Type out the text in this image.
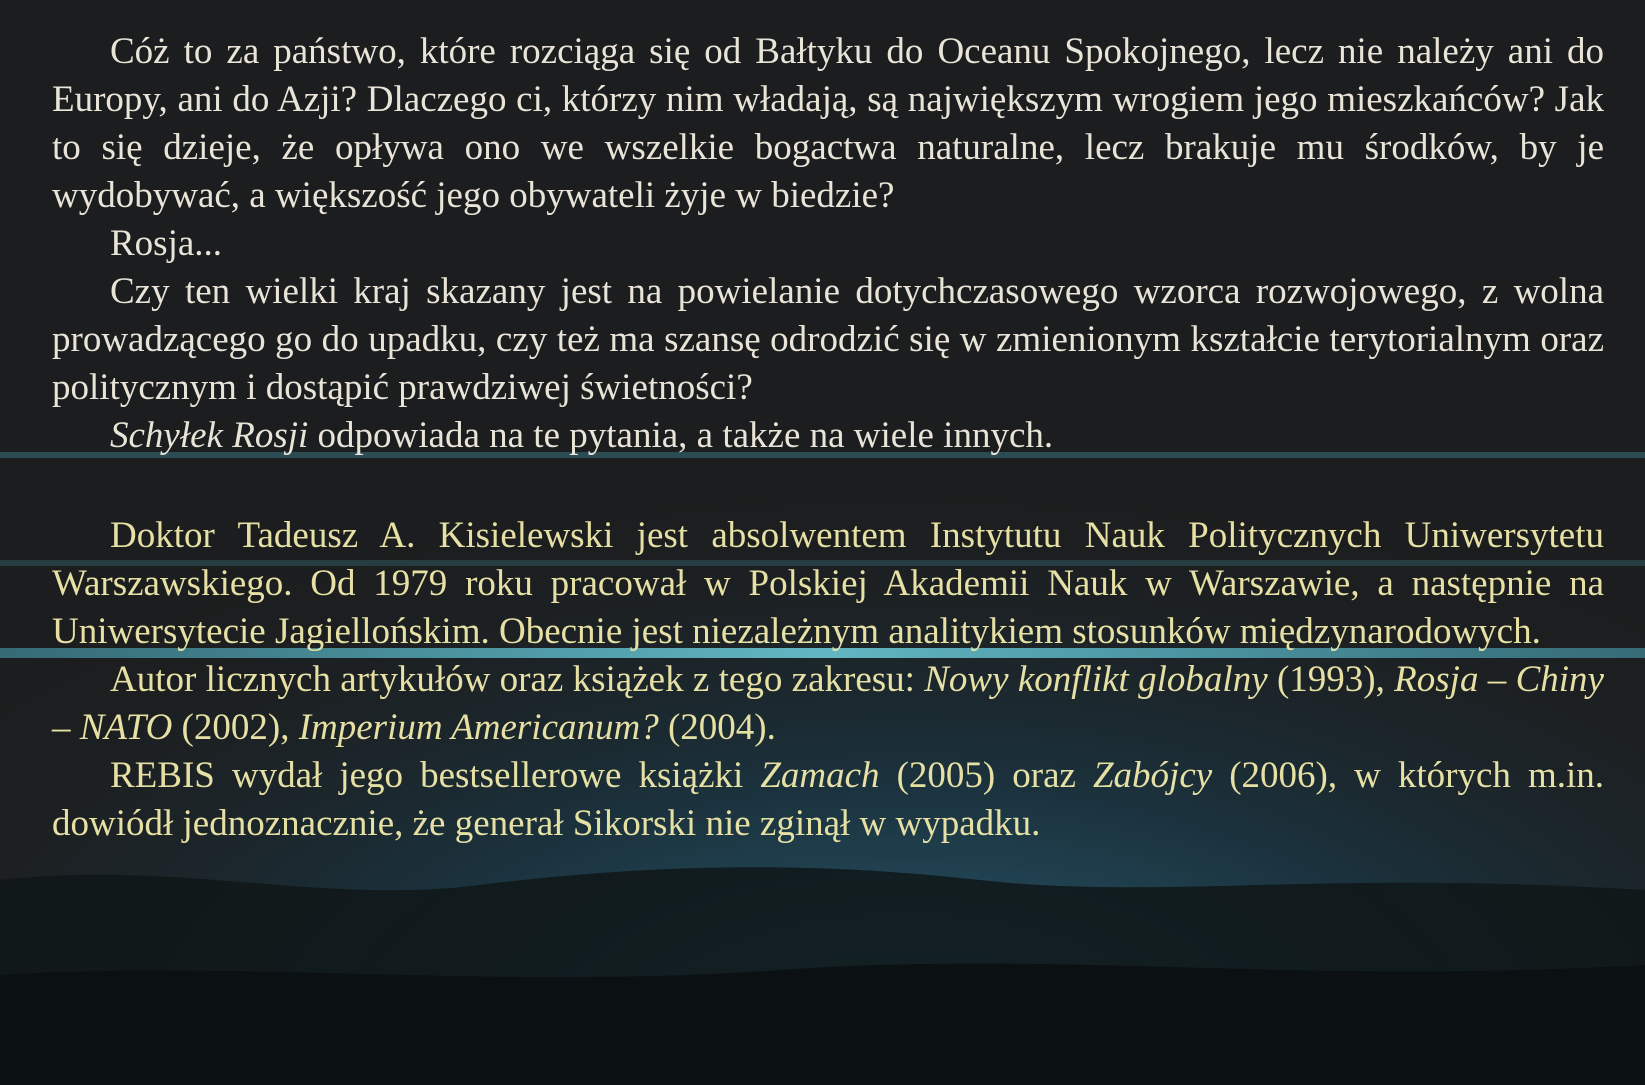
Cóż to za państwo, które rozciąga się od Bałtyku do Oceanu Spokojnego, lecz nie należy ani do Europy, ani do Azji? Dlaczego ci, którzy nim władają, są największym wrogiem jego mieszkańców? Jak to się dzieje, że opływa ono we wszelkie bogactwa naturalne, lecz brakuje mu środków, by je wydobywać, a większość jego obywateli żyje w biedzie?

Rosja...

Czy ten wielki kraj skazany jest na powielanie dotychczasowego wzorca rozwojowego, z wolna prowadzącego go do upadku, czy też ma szansę odrodzić się w zmienionym kształcie terytorialnym oraz politycznym i dostąpić prawdziwej świetności?

Schyłek Rosji odpowiada na te pytania, a także na wiele innych.

Doktor Tadeusz A. Kisielewski jest absolwentem Instytutu Nauk Politycznych Uniwersytetu Warszawskiego. Od 1979 roku pracował w Polskiej Akademii Nauk w Warszawie, a następnie na Uniwersytecie Jagiellońskim. Obecnie jest niezależnym analitykiem stosunków międzynarodowych.

Autor licznych artykułów oraz książek z tego zakresu: Nowy konflikt globalny (1993), Rosja – Chiny – NATO (2002), Imperium Americanum? (2004).

REBIS wydał jego bestsellerowe książki Zamach (2005) oraz Zabójcy (2006), w których m.in. dowiódł jednoznacznie, że generał Sikorski nie zginął w wypadku.
